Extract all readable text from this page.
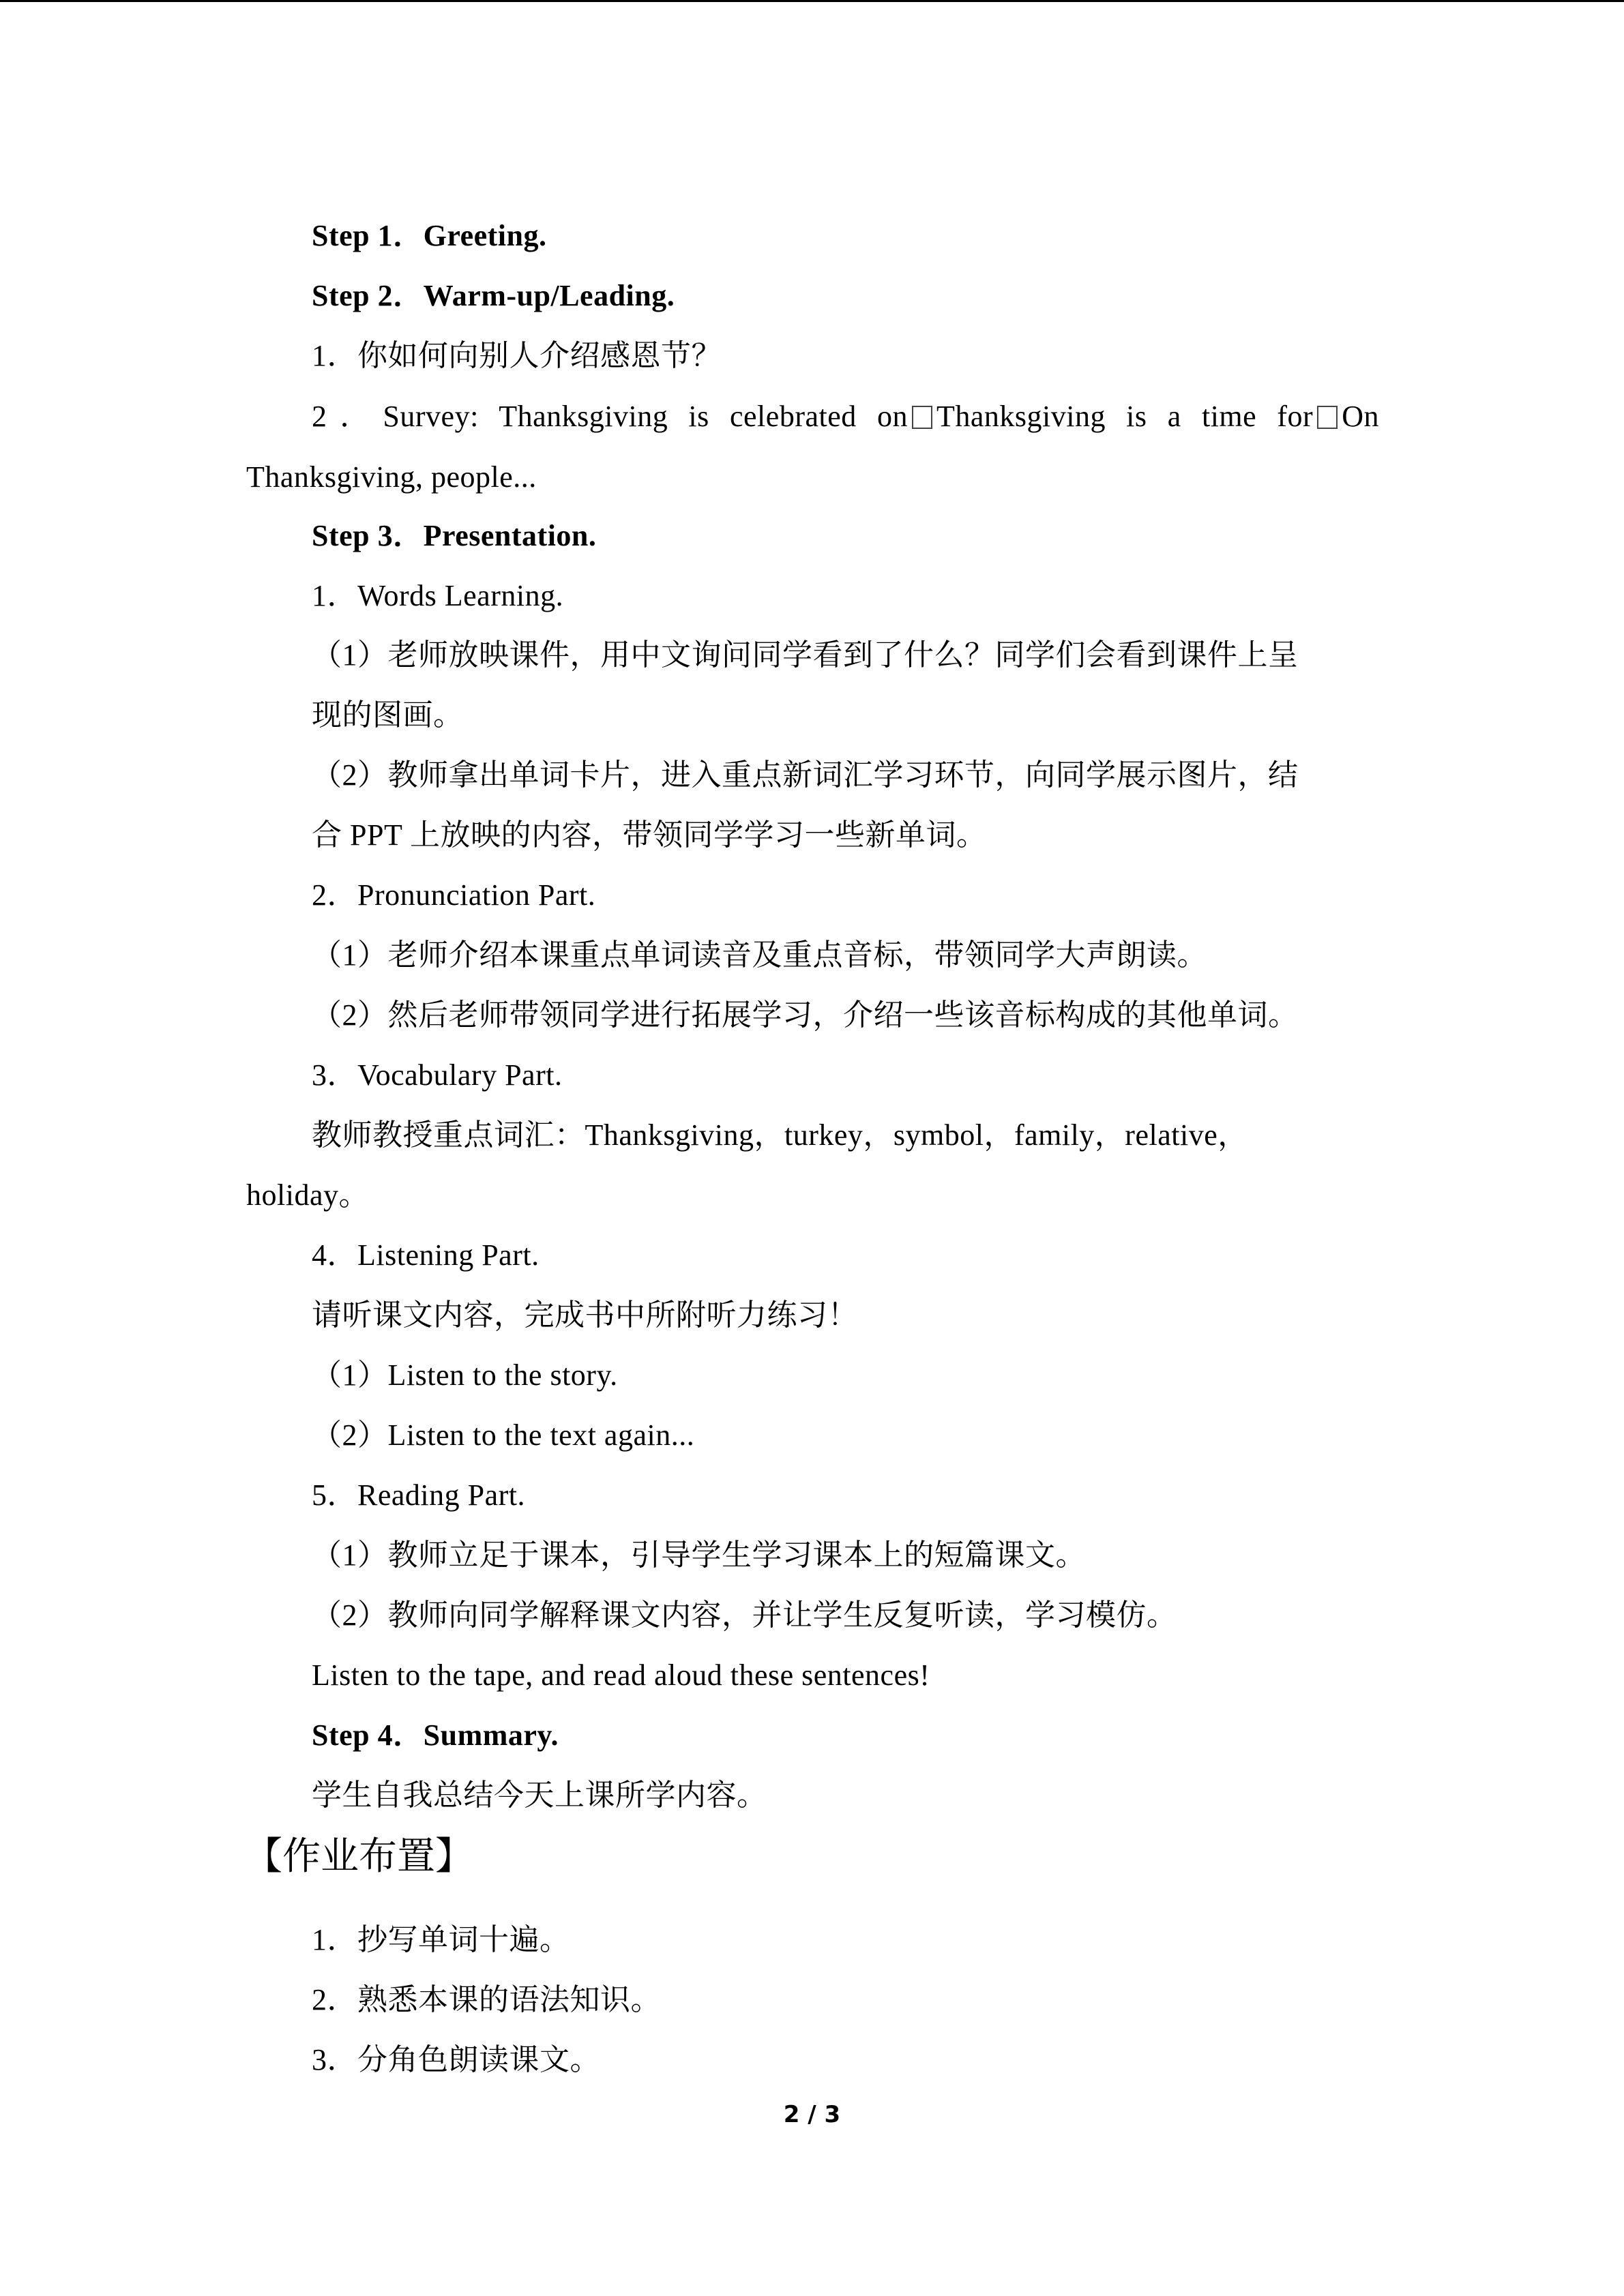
Step 1．Greeting.

Step 2．Warm-up/Leading.

1．你如何向别人介绍感恩节？

2．Survey: Thanksgiving is celebrated on Thanksgiving is a time for On

Thanksgiving, people...

Step 3．Presentation.

1．Words Learning.

（1）老师放映课件，用中文询问同学看到了什么？同学们会看到课件上呈

现的图画。

（2）教师拿出单词卡片，进入重点新词汇学习环节，向同学展示图片，结

合 PPT 上放映的内容，带领同学学习一些新单词。

2．Pronunciation Part.

（1）老师介绍本课重点单词读音及重点音标，带领同学大声朗读。

（2）然后老师带领同学进行拓展学习，介绍一些该音标构成的其他单词。

3．Vocabulary Part.

教师教授重点词汇：Thanksgiving，turkey，symbol，family，relative，

holiday。

4．Listening Part.

请听课文内容，完成书中所附听力练习！

（1）Listen to the story.

（2）Listen to the text again...

5．Reading Part.

（1）教师立足于课本，引导学生学习课本上的短篇课文。

（2）教师向同学解释课文内容，并让学生反复听读，学习模仿。

Listen to the tape, and read aloud these sentences!

Step 4．Summary.

学生自我总结今天上课所学内容。

【作业布置】

1．抄写单词十遍。

2．熟悉本课的语法知识。

3．分角色朗读课文。

2 / 3
